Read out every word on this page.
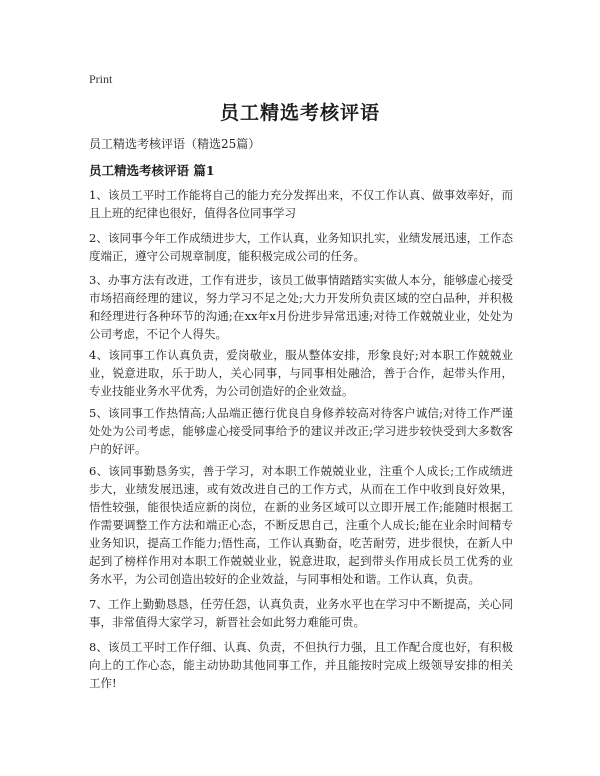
Print
员工精选考核评语
员工精选考核评语（精选25篇）
员工精选考核评语 篇1

1、该员工平时工作能将自己的能力充分发挥出来，不仅工作认真、做事效率好，而且上班的纪律也很好，值得各位同事学习

2、该同事今年工作成绩进步大，工作认真，业务知识扎实，业绩发展迅速，工作态度端正，遵守公司规章制度，能积极完成公司的任务。

3、办事方法有改进，工作有进步，该员工做事情踏踏实实做人本分，能够虚心接受市场招商经理的建议，努力学习不足之处;大力开发所负责区域的空白品种，并积极和经理进行各种环节的沟通;在xx年x月份进步异常迅速;对待工作兢兢业业，处处为公司考虑，不记个人得失。

4、该同事工作认真负责，爱岗敬业，服从整体安排，形象良好;对本职工作兢兢业业，锐意进取，乐于助人，关心同事，与同事相处融洽，善于合作，起带头作用，专业技能业务水平优秀，为公司创造好的企业效益。

5、该同事工作热情高;人品端正德行优良自身修养较高对待客户诚信;对待工作严谨处处为公司考虑，能够虚心接受同事给予的建议并改正;学习进步较快受到大多数客户的好评。

6、该同事勤恳务实，善于学习，对本职工作兢兢业业，注重个人成长;工作成绩进步大，业绩发展迅速，或有效改进自己的工作方式，从而在工作中收到良好效果，悟性较强，能很快适应新的岗位，在新的业务区域可以立即开展工作;能随时根据工作需要调整工作方法和端正心态，不断反思自己，注重个人成长;能在业余时间精专业务知识，提高工作能力;悟性高，工作认真勤奋，吃苦耐劳，进步很快，在新人中起到了榜样作用对本职工作兢兢业业，锐意进取，起到带头作用成长员工优秀的业务水平，为公司创造出较好的企业效益，与同事相处和谐。工作认真，负责。

7、工作上勤勤恳恳，任劳任怨，认真负责，业务水平也在学习中不断提高，关心同事，非常值得大家学习，新晋社会如此努力难能可贵。

8、该员工平时工作仔细、认真、负责，不但执行力强，且工作配合度也好，有积极向上的工作心态，能主动协助其他同事工作，并且能按时完成上级领导安排的相关工作!
